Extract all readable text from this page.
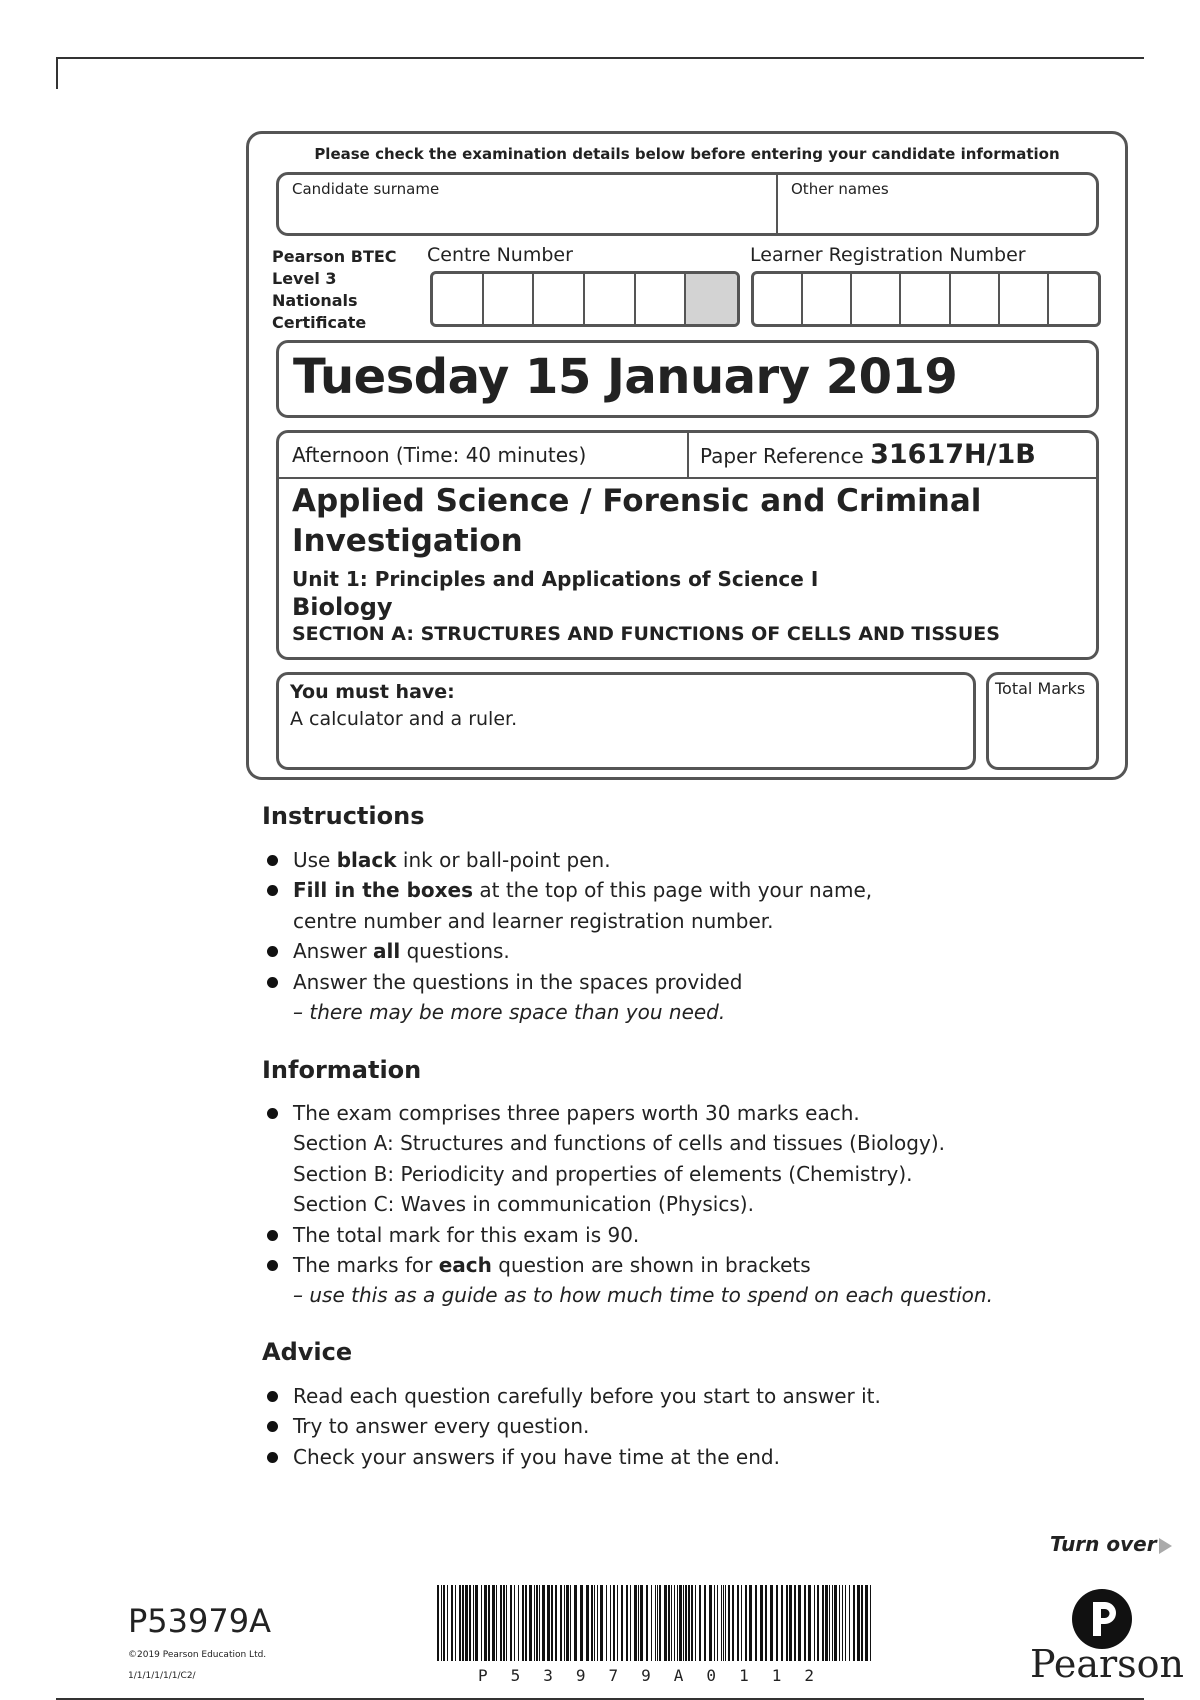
Please check the examination details below before entering your candidate information
Candidate surname	Other names
Pearson BTEC
Level 3
Nationals
Certificate
Centre Number	Learner Registration Number
Tuesday 15 January 2019
Afternoon (Time: 40 minutes)	Paper Reference 31617H/1B
Applied Science / Forensic and Criminal
Investigation
Unit 1: Principles and Applications of Science I
Biology
SECTION A: STRUCTURES AND FUNCTIONS OF CELLS AND TISSUES
You must have:
A calculator and a ruler.
Total Marks
Instructions
Use black ink or ball-point pen.
Fill in the boxes at the top of this page with your name,
centre number and learner registration number.
Answer all questions.
Answer the questions in the spaces provided
– there may be more space than you need.
Information
The exam comprises three papers worth 30 marks each.
Section A: Structures and functions of cells and tissues (Biology).
Section B: Periodicity and properties of elements (Chemistry).
Section C: Waves in communication (Physics).
The total mark for this exam is 90.
The marks for each question are shown in brackets
– use this as a guide as to how much time to spend on each question.
Advice
Read each question carefully before you start to answer it.
Try to answer every question.
Check your answers if you have time at the end.
Turn over
P53979A
©2019 Pearson Education Ltd.
1/1/1/1/1/1/C2/	P53979A0112	Pearson
